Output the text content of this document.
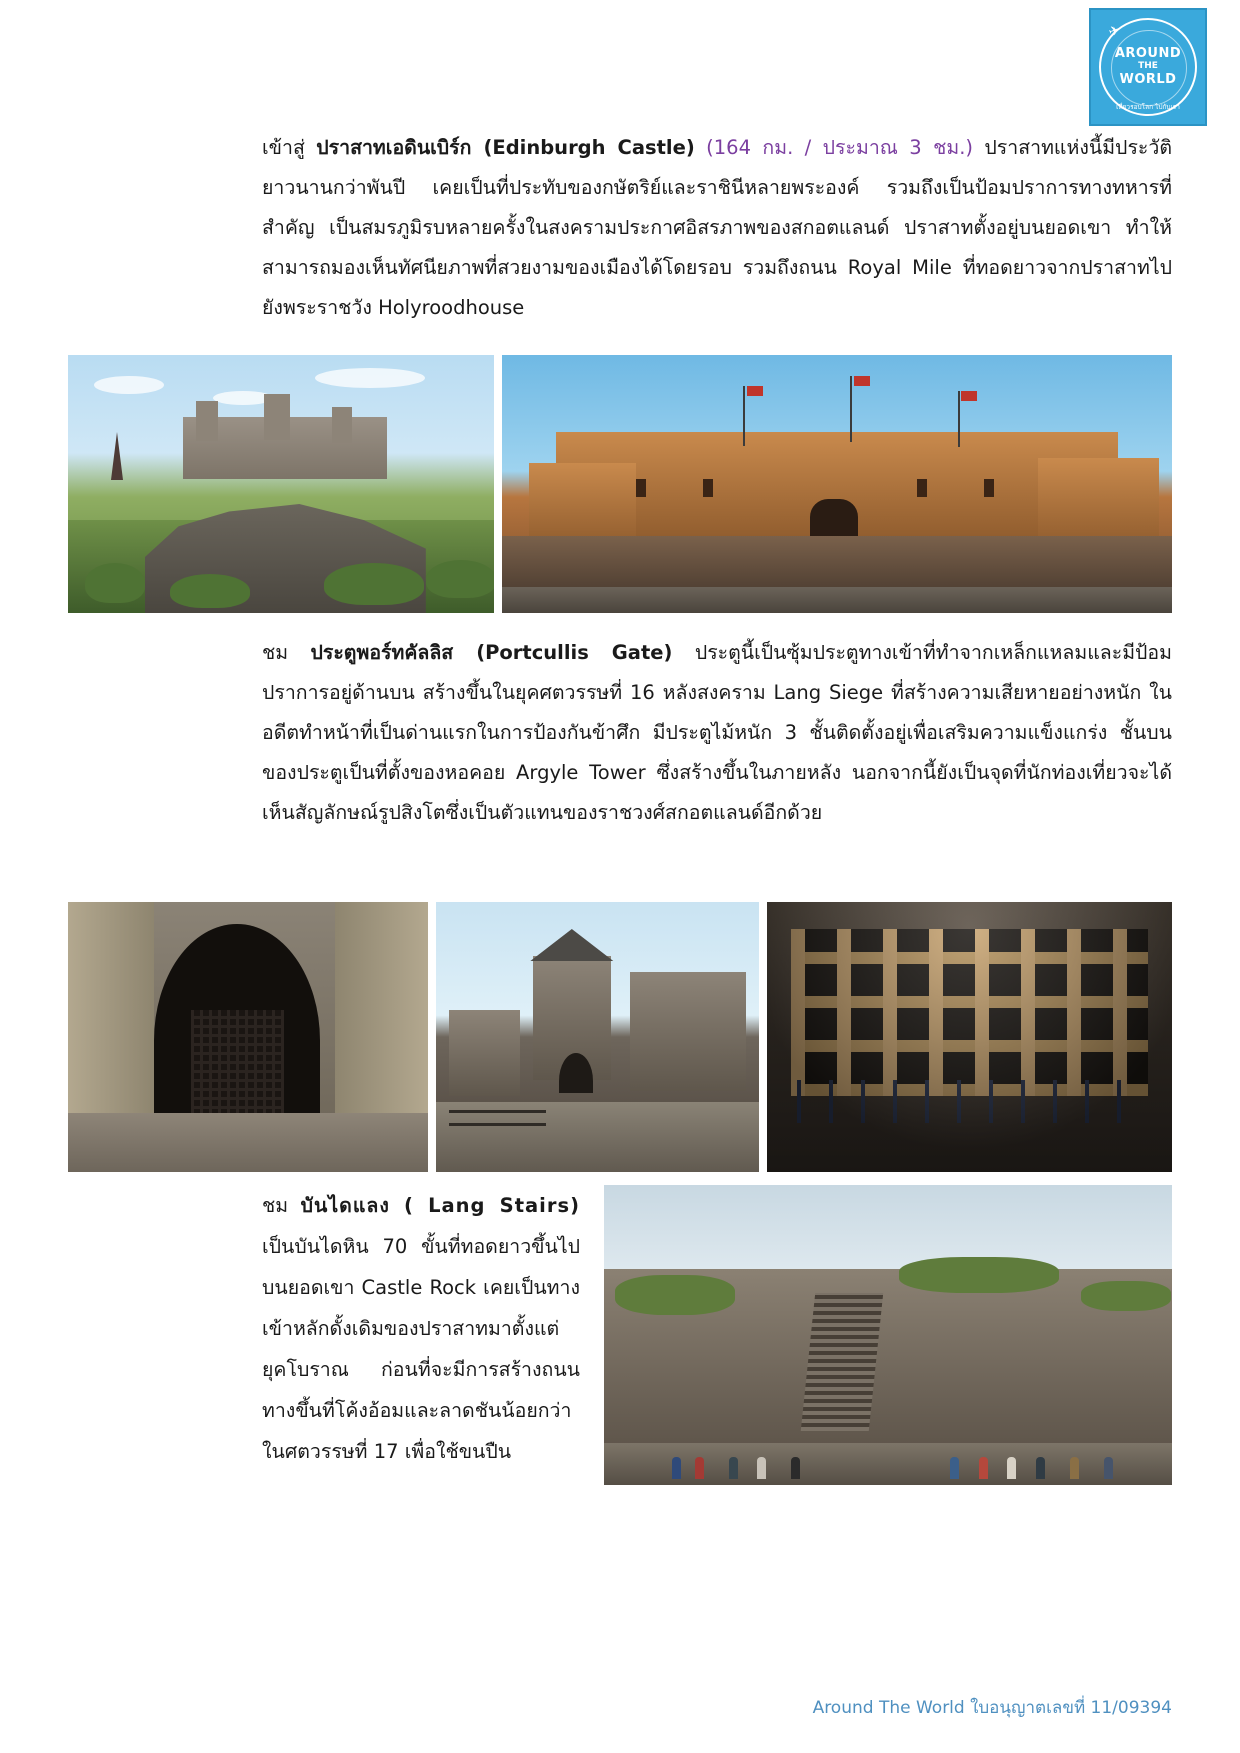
✈
AROUND
THE
WORLD
เที่ยวรอบโลก ไปกับเรา

เข้าสู่ ปราสาทเอดินเบิร์ก (Edinburgh Castle) (164 กม. / ประมาณ 3 ชม.) ปราสาทแห่งนี้มีประวัติยาวนานกว่าพันปี เคยเป็นที่ประทับของกษัตริย์และราชินีหลายพระองค์ รวมถึงเป็นป้อมปราการทางทหารที่สำคัญ เป็นสมรภูมิรบหลายครั้งในสงครามประกาศอิสรภาพของสกอตแลนด์ ปราสาทตั้งอยู่บนยอดเขา ทำให้สามารถมองเห็นทัศนียภาพที่สวยงามของเมืองได้โดยรอบ รวมถึงถนน Royal Mile ที่ทอดยาวจากปราสาทไปยังพระราชวัง Holyroodhouse

ชม ประตูพอร์ทคัลลิส (Portcullis Gate) ประตูนี้เป็นซุ้มประตูทางเข้าที่ทำจากเหล็กแหลมและมีป้อมปราการอยู่ด้านบน สร้างขึ้นในยุคศตวรรษที่ 16 หลังสงคราม Lang Siege ที่สร้างความเสียหายอย่างหนัก ในอดีตทำหน้าที่เป็นด่านแรกในการป้องกันข้าศึก มีประตูไม้หนัก 3 ชั้นติดตั้งอยู่เพื่อเสริมความแข็งแกร่ง ชั้นบนของประตูเป็นที่ตั้งของหอคอย Argyle Tower ซึ่งสร้างขึ้นในภายหลัง นอกจากนี้ยังเป็นจุดที่นักท่องเที่ยวจะได้เห็นสัญลักษณ์รูปสิงโตซึ่งเป็นตัวแทนของราชวงศ์สกอตแลนด์อีกด้วย

ชม บันไดแลง ( Lang Stairs) เป็นบันไดหิน 70 ขั้นที่ทอดยาวขึ้นไปบนยอดเขา Castle Rock เคยเป็นทางเข้าหลักดั้งเดิมของปราสาทมาตั้งแต่ยุคโบราณ ก่อนที่จะมีการสร้างถนนทางขึ้นที่โค้งอ้อมและลาดชันน้อยกว่าในศตวรรษที่ 17 เพื่อใช้ขนปืน

Around The World ใบอนุญาตเลขที่ 11/09394
